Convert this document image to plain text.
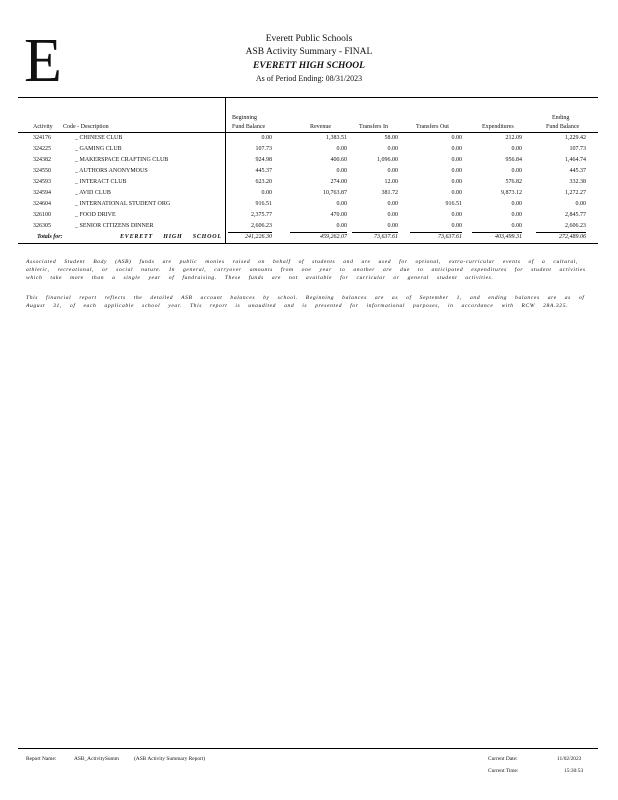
E	Everett Public Schools
ASB Activity Summary - FINAL
EVERETT HIGH SCHOOL
As of Period Ending: 08/31/2023
Activity Code - Description
Beginning
Fund Balance	Revenue	Transfers In	Transfers Out	Expenditures
Ending
Fund Balance
324176	_ CHINESE CLUB	0.00	1,383.51	58.00	0.00	212.09	1,229.42
324225	_ GAMING CLUB	107.73	0.00	0.00	0.00	0.00	107.73
324382	_ MAKERSPACE CRAFTING CLUB	924.98	400.60	1,096.00	0.00	956.84	1,464.74
324550	_ AUTHORS ANONYMOUS	445.37	0.00	0.00	0.00	0.00	445.37
324593	_ INTERACT CLUB	623.20	274.00	12.00	0.00	576.82	332.38
324594	_ AVID CLUB	0.00	10,763.87	381.72	0.00	9,873.12	1,272.27
324604	_ INTERNATIONAL STUDENT ORG	916.51	0.00	0.00	916.51	0.00	0.00
326100	_ FOOD DRIVE	2,375.77	470.00	0.00	0.00	0.00	2,845.77
326305	_ SENIOR CITIZENS DINNER	2,606.23	0.00	0.00	0.00	0.00	2,606.23
Totals for:	EVERETT HIGH SCHOOL	241,226.30	459,262.07	73,637.61	73,637.61	403,499.31	272,489.06
Associated Student Body (ASB) funds are public monies raised on behalf of students and are used for optional, extra-curricular events of a cultural, athletic, recreational, or social nature. In general, carryover amounts from one year to another are due to anticipated expenditures for student activities which take more than a single year of fundraising. These funds are not available for curricular or general student activities.
This financial report reflects the detailed ASB account balances by school. Beginning balances are as of September 1, and ending balances are as of August 31, of each applicable school year. This report is unaudited and is presented for informational purposes, in accordance with RCW 28A.325.
Report Name:	ASB_ActivitySumm	(ASB Activity Summary Report)	Current Date:	11/02/2023
Current Time:	15:30:53
